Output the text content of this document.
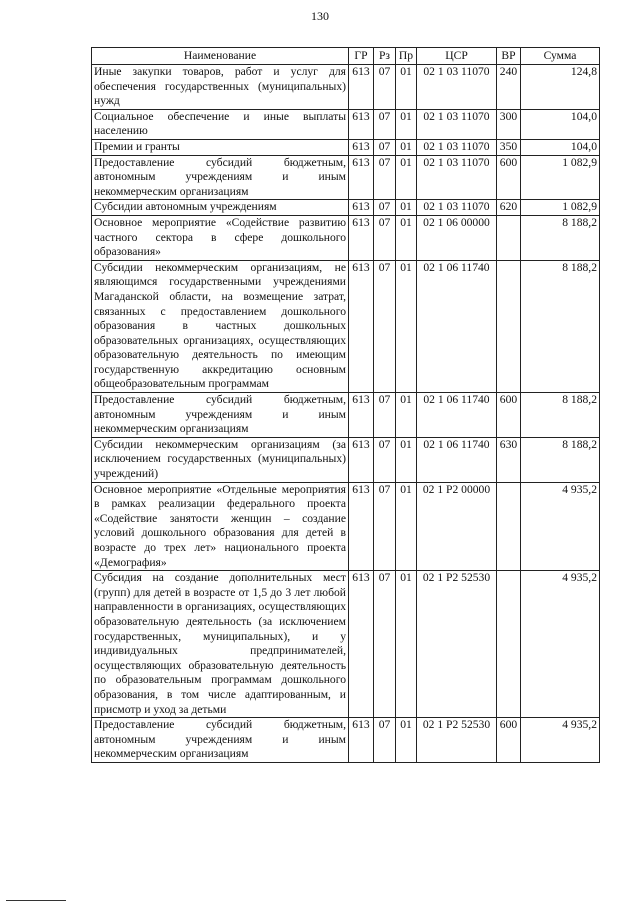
130
Наименование	ГР	Рз	Пр	ЦСР	ВР	Сумма
Иные закупки товаров, работ и услуг для обеспечения государственных (муниципальных) нужд	613	07	01	02 1 03 11070	240	124,8
Социальное обеспечение и иные выплаты населению	613	07	01	02 1 03 11070	300	104,0
Премии и гранты	613	07	01	02 1 03 11070	350	104,0
Предоставление субсидий бюджетным, автономным учреждениям и иным некоммерческим организациям	613	07	01	02 1 03 11070	600	1 082,9
Субсидии автономным учреждениям	613	07	01	02 1 03 11070	620	1 082,9
Основное мероприятие «Содействие развитию частного сектора в сфере дошкольного образования»	613	07	01	02 1 06 00000		8 188,2
Субсидии некоммерческим организациям, не являющимся государственными учреждениями Магаданской области, на возмещение затрат, связанных с предоставлением дошкольного образования в частных дошкольных образовательных организациях, осуществляющих образовательную деятельность по имеющим государственную аккредитацию основным общеобразовательным программам	613	07	01	02 1 06 11740		8 188,2
Предоставление субсидий бюджетным, автономным учреждениям и иным некоммерческим организациям	613	07	01	02 1 06 11740	600	8 188,2
Субсидии некоммерческим организациям (за исключением государственных (муниципальных) учреждений)	613	07	01	02 1 06 11740	630	8 188,2
Основное мероприятие «Отдельные мероприятия в рамках реализации федерального проекта «Содействие занятости женщин – создание условий дошкольного образования для детей в возрасте до трех лет» национального проекта «Демография»	613	07	01	02 1 P2 00000		4 935,2
Субсидия на создание дополнительных мест (групп) для детей в возрасте от 1,5 до 3 лет любой направленности в организациях, осуществляющих образовательную деятельность (за исключением государственных, муниципальных), и у индивидуальных предпринимателей, осуществляющих образовательную деятельность по образовательным программам дошкольного образования, в том числе адаптированным, и присмотр и уход за детьми	613	07	01	02 1 P2 52530		4 935,2
Предоставление субсидий бюджетным, автономным учреждениям и иным некоммерческим организациям	613	07	01	02 1 P2 52530	600	4 935,2
